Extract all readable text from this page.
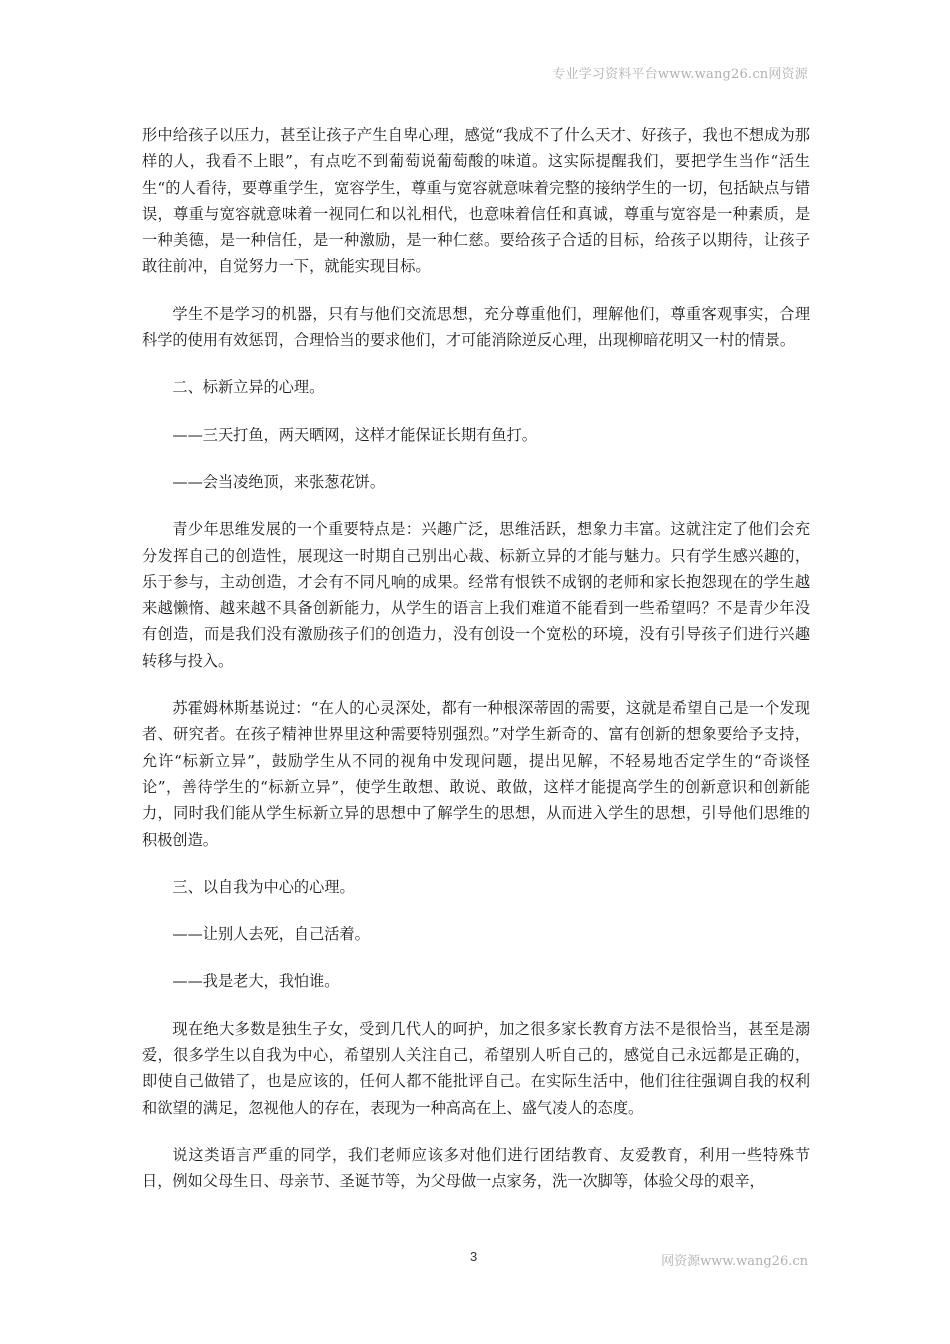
专业学习资料平台www.wang26.cn网资源

形中给孩子以压力，甚至让孩子产生自卑心理，感觉“我成不了什么天才、好孩子，我也不想成为那样的人，我看不上眼”，有点吃不到葡萄说葡萄酸的味道。这实际提醒我们，要把学生当作“活生生“的人看待，要尊重学生，宽容学生，尊重与宽容就意味着完整的接纳学生的一切，包括缺点与错误，尊重与宽容就意味着一视同仁和以礼相代，也意味着信任和真诚，尊重与宽容是一种素质，是一种美德，是一种信任，是一种激励，是一种仁慈。要给孩子合适的目标，给孩子以期待，让孩子敢往前冲，自觉努力一下，就能实现目标。

学生不是学习的机器，只有与他们交流思想，充分尊重他们，理解他们，尊重客观事实，合理科学的使用有效惩罚，合理恰当的要求他们，才可能消除逆反心理，出现柳暗花明又一村的情景。

二、标新立异的心理。

——三天打鱼，两天晒网，这样才能保证长期有鱼打。

——会当凌绝顶，来张葱花饼。

青少年思维发展的一个重要特点是：兴趣广泛，思维活跃，想象力丰富。这就注定了他们会充分发挥自己的创造性，展现这一时期自己别出心裁、标新立异的才能与魅力。只有学生感兴趣的，乐于参与，主动创造，才会有不同凡响的成果。经常有恨铁不成钢的老师和家长抱怨现在的学生越来越懒惰、越来越不具备创新能力，从学生的语言上我们难道不能看到一些希望吗？不是青少年没有创造，而是我们没有激励孩子们的创造力，没有创设一个宽松的环境，没有引导孩子们进行兴趣转移与投入。

苏霍姆林斯基说过：“在人的心灵深处，都有一种根深蒂固的需要，这就是希望自己是一个发现者、研究者。在孩子精神世界里这种需要特别强烈。”对学生新奇的、富有创新的想象要给予支持，允许“标新立异”，鼓励学生从不同的视角中发现问题，提出见解，不轻易地否定学生的“奇谈怪论”，善待学生的“标新立异”，使学生敢想、敢说、敢做，这样才能提高学生的创新意识和创新能力，同时我们能从学生标新立异的思想中了解学生的思想，从而进入学生的思想，引导他们思维的积极创造。

三、以自我为中心的心理。

——让别人去死，自己活着。

——我是老大，我怕谁。

现在绝大多数是独生子女，受到几代人的呵护，加之很多家长教育方法不是很恰当，甚至是溺爱，很多学生以自我为中心，希望别人关注自己，希望别人听自己的，感觉自己永远都是正确的，即使自己做错了，也是应该的，任何人都不能批评自己。在实际生活中，他们往往强调自我的权利和欲望的满足，忽视他人的存在，表现为一种高高在上、盛气凌人的态度。

说这类语言严重的同学，我们老师应该多对他们进行团结教育、友爱教育，利用一些特殊节日，例如父母生日、母亲节、圣诞节等，为父母做一点家务，洗一次脚等，体验父母的艰辛，

3	网资源www.wang26.cn
